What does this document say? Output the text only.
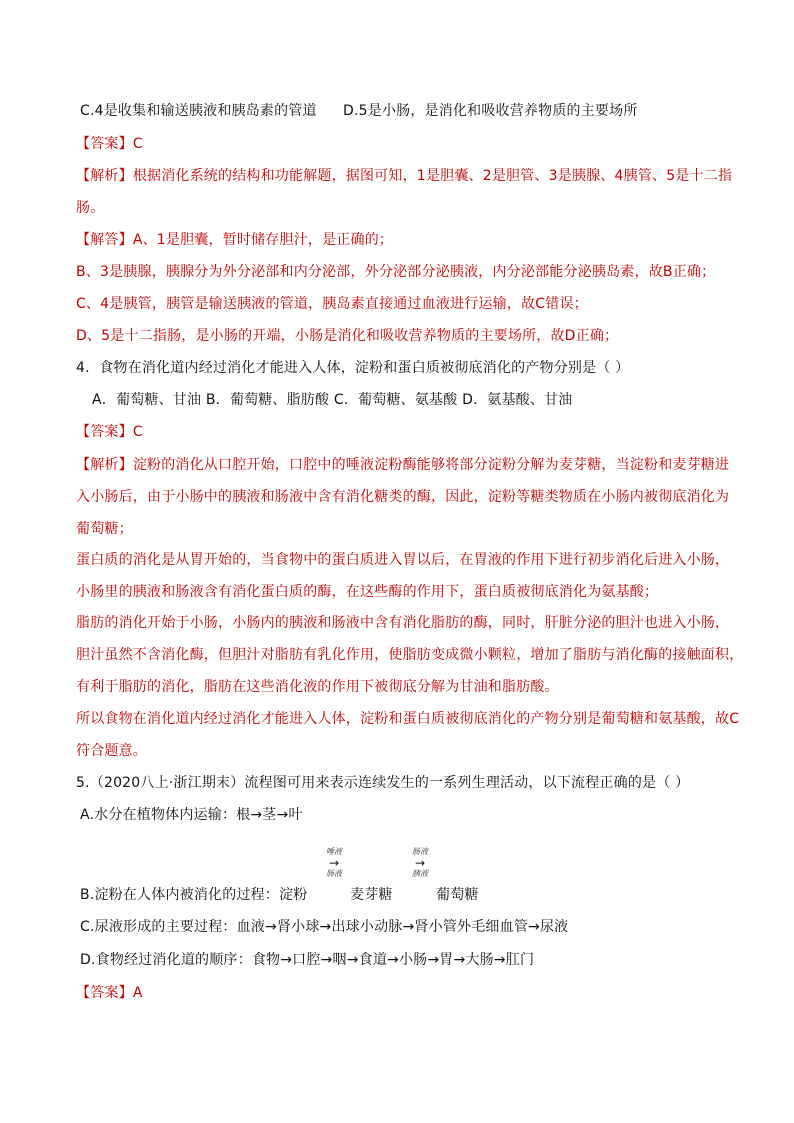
C.4是收集和输送胰液和胰岛素的管道 D.5是小肠，是消化和吸收营养物质的主要场所
【答案】C
【解析】根据消化系统的结构和功能解题，据图可知，1是胆囊、2是胆管、3是胰腺、4胰管、5是十二指
肠。
【解答】A、1是胆囊，暂时储存胆汁，是正确的；
B、3是胰腺，胰腺分为外分泌部和内分泌部，外分泌部分泌胰液，内分泌部能分泌胰岛素，故B正确；
C、4是胰管，胰管是输送胰液的管道，胰岛素直接通过血液进行运输，故C错误；
D、5是十二指肠，是小肠的开端，小肠是消化和吸收营养物质的主要场所，故D正确；
4．食物在消化道内经过消化才能进入人体，淀粉和蛋白质被彻底消化的产物分别是（ ）
A．葡萄糖、甘油 B．葡萄糖、脂肪酸 C．葡萄糖、氨基酸 D．氨基酸、甘油
【答案】C
【解析】淀粉的消化从口腔开始，口腔中的唾液淀粉酶能够将部分淀粉分解为麦芽糖，当淀粉和麦芽糖进
入小肠后，由于小肠中的胰液和肠液中含有消化糖类的酶，因此，淀粉等糖类物质在小肠内被彻底消化为
葡萄糖；
蛋白质的消化是从胃开始的，当食物中的蛋白质进入胃以后，在胃液的作用下进行初步消化后进入小肠，
小肠里的胰液和肠液含有消化蛋白质的酶，在这些酶的作用下，蛋白质被彻底消化为氨基酸；
脂肪的消化开始于小肠，小肠内的胰液和肠液中含有消化脂肪的酶，同时，肝脏分泌的胆汁也进入小肠，
胆汁虽然不含消化酶，但胆汁对脂肪有乳化作用，使脂肪变成微小颗粒，增加了脂肪与消化酶的接触面积，
有利于脂肪的消化，脂肪在这些消化液的作用下被彻底分解为甘油和脂肪酸。
所以食物在消化道内经过消化才能进入人体，淀粉和蛋白质被彻底消化的产物分别是葡萄糖和氨基酸，故C
符合题意。
5.（2020八上·浙江期末）流程图可用来表示连续发生的一系列生理活动，以下流程正确的是（ ）
A.水分在植物体内运输：根→茎→叶
B.淀粉在人体内被消化的过程：淀粉
唾液
→
肠液
麦芽糖
肠液
→
胰液
葡萄糖
C.尿液形成的主要过程：血液→肾小球→出球小动脉→肾小管外毛细血管→尿液
D.食物经过消化道的顺序：食物→口腔→咽→食道→小肠→胃→大肠→肛门
【答案】A
